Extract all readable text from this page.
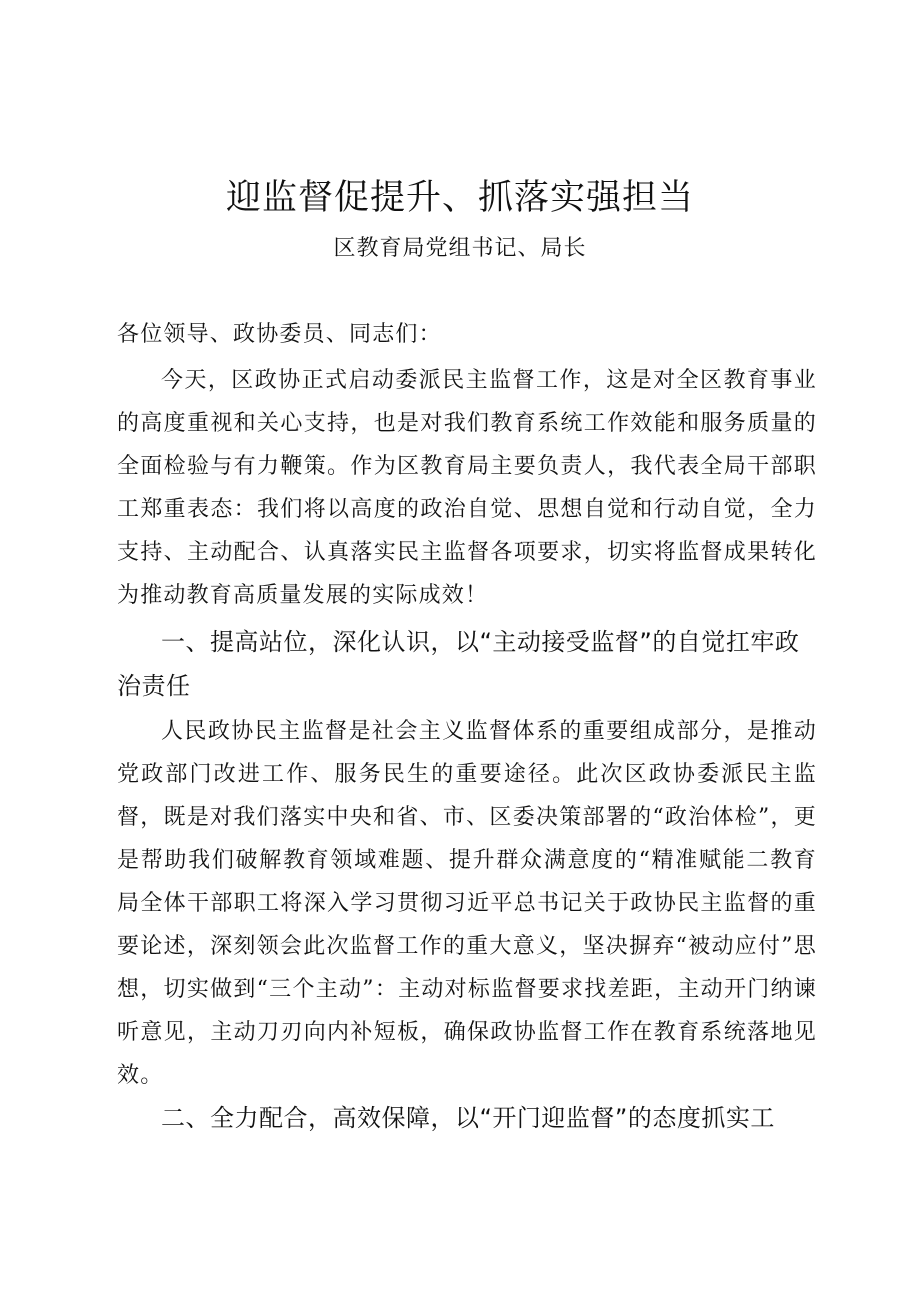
迎监督促提升、抓落实强担当
区教育局党组书记、局长

各位领导、政协委员、同志们：

今天，区政协正式启动委派民主监督工作，这是对全区教育事业的高度重视和关心支持，也是对我们教育系统工作效能和服务质量的全面检验与有力鞭策。作为区教育局主要负责人，我代表全局干部职工郑重表态：我们将以高度的政治自觉、思想自觉和行动自觉，全力支持、主动配合、认真落实民主监督各项要求，切实将监督成果转化为推动教育高质量发展的实际成效！

一、提高站位，深化认识，以“主动接受监督”的自觉扛牢政治责任

人民政协民主监督是社会主义监督体系的重要组成部分，是推动党政部门改进工作、服务民生的重要途径。此次区政协委派民主监督，既是对我们落实中央和省、市、区委决策部署的“政治体检”，更是帮助我们破解教育领域难题、提升群众满意度的“精准赋能二教育局全体干部职工将深入学习贯彻习近平总书记关于政协民主监督的重要论述，深刻领会此次监督工作的重大意义，坚决摒弃“被动应付”思想，切实做到“三个主动”：主动对标监督要求找差距，主动开门纳谏听意见，主动刀刃向内补短板，确保政协监督工作在教育系统落地见效。

二、全力配合，高效保障，以“开门迎监督”的态度抓实工
